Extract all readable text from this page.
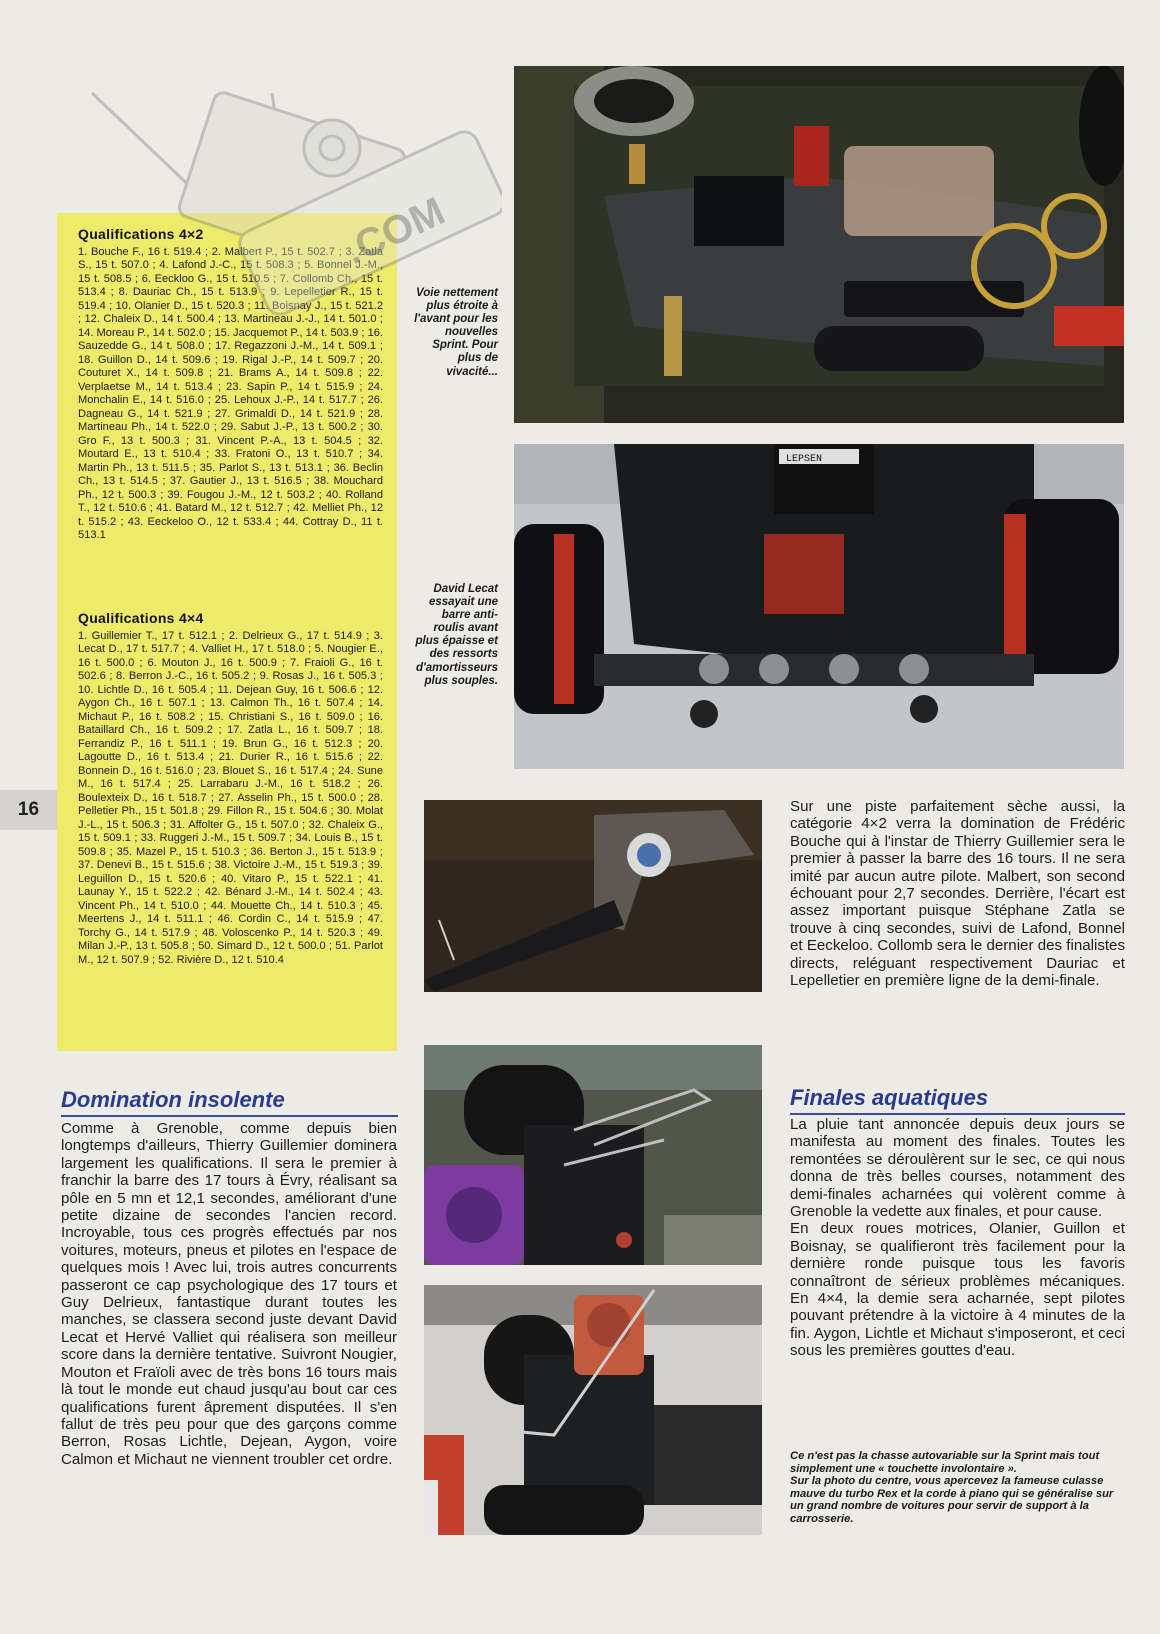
16
Qualifications 4×2

1. Bouche F., 16 t. 519.4 ; 2. Malbert P., 15 t. 502.7 ; 3. Zatla S., 15 t. 507.0 ; 4. Lafond J.-C., 15 t. 508.3 ; 5. Bonnel J.-M., 15 t. 508.5 ; 6. Eeckloo G., 15 t. 510.5 ; 7. Collomb Ch., 15 t. 513.4 ; 8. Dauriac Ch., 15 t. 513.9 ; 9. Lepelletier R., 15 t. 519.4 ; 10. Olanier D., 15 t. 520.3 ; 11. Boisnay J., 15 t. 521.2 ; 12. Chaleix D., 14 t. 500.4 ; 13. Martineau J.-J., 14 t. 501.0 ; 14. Moreau P., 14 t. 502.0 ; 15. Jacquemot P., 14 t. 503.9 ; 16. Sauzedde G., 14 t. 508.0 ; 17. Regazzoni J.-M., 14 t. 509.1 ; 18. Guillon D., 14 t. 509.6 ; 19. Rigal J.-P., 14 t. 509.7 ; 20. Couturet X., 14 t. 509.8 ; 21. Brams A., 14 t. 509.8 ; 22. Verplaetse M., 14 t. 513.4 ; 23. Sapin P., 14 t. 515.9 ; 24. Monchalin E., 14 t. 516.0 ; 25. Lehoux J.-P., 14 t. 517.7 ; 26. Dagneau G., 14 t. 521.9 ; 27. Grimaldi D., 14 t. 521.9 ; 28. Martineau Ph., 14 t. 522.0 ; 29. Sabut J.-P., 13 t. 500.2 ; 30. Gro F., 13 t. 500.3 ; 31. Vincent P.-A., 13 t. 504.5 ; 32. Moutard E., 13 t. 510.4 ; 33. Fratoni O., 13 t. 510.7 ; 34. Martin Ph., 13 t. 511.5 ; 35. Parlot S., 13 t. 513.1 ; 36. Beclin Ch., 13 t. 514.5 ; 37. Gautier J., 13 t. 516.5 ; 38. Mouchard Ph., 12 t. 500.3 ; 39. Fougou J.-M., 12 t. 503.2 ; 40. Rolland T., 12 t. 510.6 ; 41. Batard M., 12 t. 512.7 ; 42. Melliet Ph., 12 t. 515.2 ; 43. Eeckeloo O., 12 t. 533.4 ; 44. Cottray D., 11 t. 513.1

Qualifications 4×4

1. Guillemier T., 17 t. 512.1 ; 2. Delrieux G., 17 t. 514.9 ; 3. Lecat D., 17 t. 517.7 ; 4. Valliet H., 17 t. 518.0 ; 5. Nougier E., 16 t. 500.0 ; 6. Mouton J., 16 t. 500.9 ; 7. Fraioli G., 16 t. 502.6 ; 8. Berron J.-C., 16 t. 505.2 ; 9. Rosas J., 16 t. 505.3 ; 10. Lichtle D., 16 t. 505.4 ; 11. Dejean Guy, 16 t. 506.6 ; 12. Aygon Ch., 16 t. 507.1 ; 13. Calmon Th., 16 t. 507.4 ; 14. Michaut P., 16 t. 508.2 ; 15. Christiani S., 16 t. 509.0 ; 16. Bataillard Ch., 16 t. 509.2 ; 17. Zatla L., 16 t. 509.7 ; 18. Ferrandiz P., 16 t. 511.1 ; 19. Brun G., 16 t. 512.3 ; 20. Lagoutte D., 16 t. 513.4 ; 21. Durier R., 16 t. 515.6 ; 22. Bonnein D., 16 t. 516.0 ; 23. Blouet S., 16 t. 517.4 ; 24. Sune M., 16 t. 517.4 ; 25. Larrabaru J.-M., 16 t. 518.2 ; 26. Boulexteix D., 16 t. 518.7 ; 27. Asselin Ph., 15 t. 500.0 ; 28. Pelletier Ph., 15 t. 501.8 ; 29. Fillon R., 15 t. 504.6 ; 30. Molat J.-L., 15 t. 506.3 ; 31. Affolter G., 15 t. 507.0 ; 32. Chaleix G., 15 t. 509.1 ; 33. Ruggeri J.-M., 15 t. 509.7 ; 34. Louis B., 15 t. 509.8 ; 35. Mazel P., 15 t. 510.3 ; 36. Berton J., 15 t. 513.9 ; 37. Denevi B., 15 t. 515.6 ; 38. Victoire J.-M., 15 t. 519.3 ; 39. Leguillon D., 15 t. 520.6 ; 40. Vitaro P., 15 t. 522.1 ; 41. Launay Y., 15 t. 522.2 ; 42. Bénard J.-M., 14 t. 502.4 ; 43. Vincent Ph., 14 t. 510.0 ; 44. Mouette Ch., 14 t. 510.3 ; 45. Meertens J., 14 t. 511.1 ; 46. Cordin C., 14 t. 515.9 ; 47. Torchy G., 14 t. 517.9 ; 48. Voloscenko P., 14 t. 520.3 ; 49. Milan J.-P., 13 t. 505.8 ; 50. Simard D., 12 t. 500.0 ; 51. Parlot M., 12 t. 507.9 ; 52. Rivière D., 12 t. 510.4

.COM
Voie nettement plus étroite à l'avant pour les nouvelles Sprint. Pour plus de vivacité...
LEPSEN
David Lecat essayait une barre anti-roulis avant plus épaisse et des ressorts d'amortisseurs plus souples.
Domination insolente

Comme à Grenoble, comme depuis bien longtemps d'ailleurs, Thierry Guillemier dominera largement les qualifications. Il sera le premier à franchir la barre des 17 tours à Évry, réalisant sa pôle en 5 mn et 12,1 secondes, améliorant d'une petite dizaine de secondes l'ancien record. Incroyable, tous ces progrès effectués par nos voitures, moteurs, pneus et pilotes en l'espace de quelques mois ! Avec lui, trois autres concurrents passeront ce cap psychologique des 17 tours et Guy Delrieux, fantastique durant toutes les manches, se classera second juste devant David Lecat et Hervé Valliet qui réalisera son meilleur score dans la dernière tentative. Suivront Nougier, Mouton et Fraïoli avec de très bons 16 tours mais là tout le monde eut chaud jusqu'au bout car ces qualifications furent âprement disputées. Il s'en fallut de très peu pour que des garçons comme Berron, Rosas Lichtle, Dejean, Aygon, voire Calmon et Michaut ne viennent troubler cet ordre.

Sur une piste parfaitement sèche aussi, la catégorie 4×2 verra la domination de Frédéric Bouche qui à l'instar de Thierry Guillemier sera le premier à passer la barre des 16 tours. Il ne sera imité par aucun autre pilote. Malbert, son second échouant pour 2,7 secondes. Derrière, l'écart est assez important puisque Stéphane Zatla se trouve à cinq secondes, suivi de Lafond, Bonnel et Eeckeloo. Collomb sera le dernier des finalistes directs, reléguant respectivement Dauriac et Lepelletier en première ligne de la demi-finale.

Finales aquatiques

La pluie tant annoncée depuis deux jours se manifesta au moment des finales. Toutes les remontées se déroulèrent sur le sec, ce qui nous donna de très belles courses, notamment des demi-finales acharnées qui volèrent comme à Grenoble la vedette aux finales, et pour cause.

En deux roues motrices, Olanier, Guillon et Boisnay, se qualifieront très facilement pour la dernière ronde puisque tous les favoris connaîtront de sérieux problèmes mécaniques. En 4×4, la demie sera acharnée, sept pilotes pouvant prétendre à la victoire à 4 minutes de la fin. Aygon, Lichtle et Michaut s'imposeront, et ceci sous les premières gouttes d'eau.

Ce n'est pas la chasse autovariable sur la Sprint mais tout simplement une « touchette involontaire ».

Sur la photo du centre, vous apercevez la fameuse culasse mauve du turbo Rex et la corde à piano qui se généralise sur un grand nombre de voitures pour servir de support à la carrosserie.
